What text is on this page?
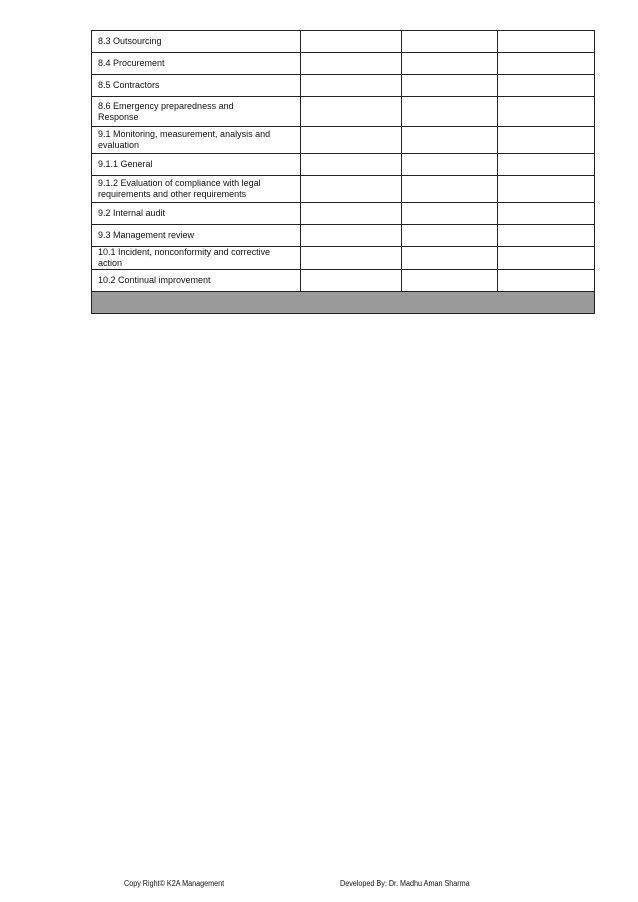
8.3 Outsourcing			
8.4 Procurement			
8.5 Contractors			
8.6 Emergency preparedness and
Response			
9.1 Monitoring, measurement, analysis and
evaluation			
9.1.1 General			
9.1.2 Evaluation of compliance with legal
requirements and other requirements			
9.2 Internal audit			
9.3 Management review			
10.1 Incident, nonconformity and corrective action			
10.2 Continual improvement			

Copy Right© K2A Management	Developed By: Dr. Madhu Aman Sharma
